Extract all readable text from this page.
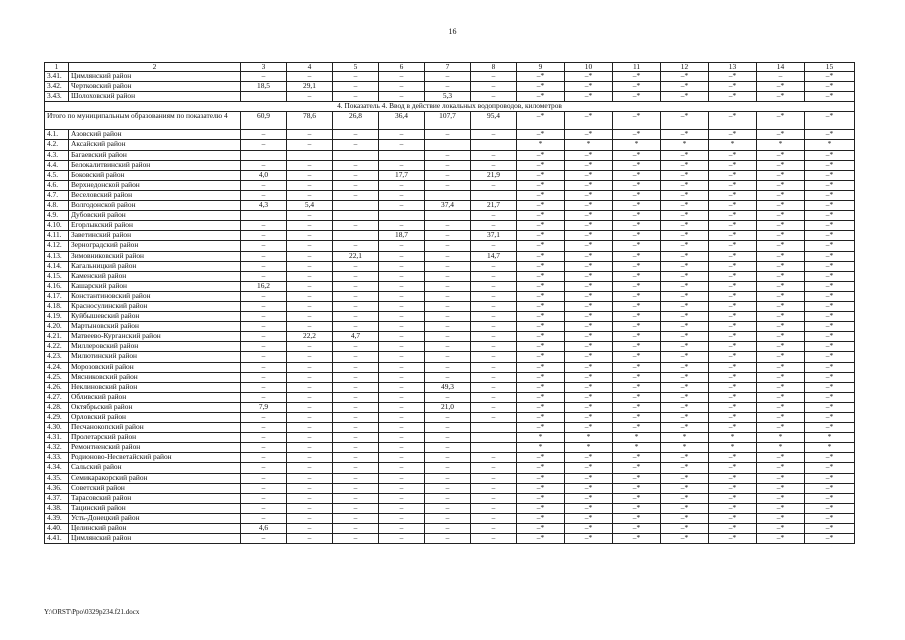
16
1	2	3	4	5	6	7	8	9	10	11	12	13	14	15
3.41.	Цимлянский район	–	–	–	–	–	–	–*	–*	–*	–*	–*	–	–*
3.42.	Чертковский район	18,5	29,1	–	–	–	–	–*	–*	–*	–*	–*	–*	–*
3.43.	Шолоховский район		–	–	–	5,3	–	–*	–*	–*	–*	–*	–*	–*
4. Показатель 4. Ввод в действие локальных водопроводов, километров														
Итого по муниципальным образованиям по показателю 4		60,9	78,6	26,8	36,4	107,7	95,4	–*	–*	–*	–*	–*	–*	–*
4.1.	Азовский район	–	–	–	–	–	–	–*	–*	–*	–*	–*	–*	–*
4.2.	Аксайский район	–	–	–	–			*	*	*	*	*	*	*
4.3.	Багаевский район					–	–	–*	–*	–*	–*	–*	–*	–*
4.4.	Белокалитвинский район	–	–	–	–	–	–	–*	–*	–*	–*	–*	–*	–*
4.5.	Боковский район	4,0	–	–	17,7	–	21,9	–*	–*	–*	–*	–*	–*	–*
4.6.	Верхнедонской район	–	–	–	–	–	–	–*	–*	–*	–*	–*	–*	–*
4.7.	Веселовский район	–	–	–	–			–*	–*	–*	–*	–*	–*	–*
4.8.	Волгодонской район	4,3	5,4		–	37,4	21,7	–*	–*	–*	–*	–*	–*	–*
4.9.	Дубовский район		–				–	–*	–*	–*	–*	–*	–*	–*
4.10.	Егорлыкский район	–	–	–	–	–	–	–*	–*	–*	–*	–*	–*	–*
4.11.	Заветинский район	–	–		18,7	–	37,1	–*	–*	–*	–*	–*	–*	–*
4.12.	Зерноградский район	–	–	–	–	–	–	–*	–*	–*	–*	–*	–*	–*
4.13.	Зимовниковский район	–	–	22,1	–	–	14,7	–*	–*	–*	–*	–*	–*	–*
4.14.	Кагальницкий район	–	–	–	–	–	–	–*	–*	–*	–*	–*	–*	–*
4.15.	Каменский район	–	–	–	–	–	–	–*	–*	–*	–*	–*	–*	–*
4.16.	Кашарский район	16,2	–	–	–	–	–	–*	–*	–*	–*	–*	–*	–*
4.17.	Константиновский район	–	–	–	–	–	–	–*	–*	–*	–*	–*	–*	–*
4.18.	Красносулинский район	–	–	–	–	–	–	–*	–*	–*	–*	–*	–*	–*
4.19.	Куйбышевский район	–	–	–	–	–	–	–*	–*	–*	–*	–*	–*	–*
4.20.	Мартыновский район	–	–	–	–	–	–	–*	–*	–*	–*	–*	–*	–*
4.21.	Матвеево-Курганский район	–	22,2	4,7	–	–	–	–*	–*	–*	–*	–*	–*	–*
4.22.	Миллеровский район	–	–	–	–	–	–	–*	–*	–*	–*	–*	–*	–*
4.23.	Милютинский район	–	–	–	–	–	–	–*	–*	–*	–*	–*	–*	–*
4.24.	Морозовский район	–	–	–	–	–	–	–*	–*	–*	–*	–*	–*	–*
4.25.	Мясниковский район	–	–	–	–	–	–	–*	–*	–*	–*	–*	–*	–*
4.26.	Неклиновский район	–	–	–	–	49,3	–	–*	–*	–*	–*	–*	–*	–*
4.27.	Обливский район	–	–	–	–	–	–	–*	–*	–*	–*	–*	–*	–*
4.28.	Октябрьский район	7,9	–	–	–	21,0	–	–*	–*	–*	–*	–*	–*	–*
4.29.	Орловский район	–	–	–	–	–	–	–*	–*	–*	–*	–*	–*	–*
4.30.	Песчанокопский район	–	–	–	–	–		–*	–*	–*	–*	–*	–*	–*
4.31.	Пролетарский район	–	–	–	–	–		*	*	*	*	*	*	*
4.32.	Ремонтненский район	–	–	–	–	–		*	*	*	*	*	*	*
4.33.	Родионово-Несветайский район	–	–	–	–	–	–	–*	–*	–*	–*	–*	–*	–*
4.34.	Сальский район	–	–	–	–	–	–	–*	–*	–*	–*	–*	–*	–*
4.35.	Семикаракорский район	–	–	–	–	–	–	–*	–*	–*	–*	–*	–*	–*
4.36.	Советский район	–	–	–	–	–	–	–*	–*	–*	–*	–*	–*	–*
4.37.	Тарасовский район	–	–	–	–	–	–	–*	–*	–*	–*	–*	–*	–*
4.38.	Тацинский район	–	–	–	–	–	–	–*	–*	–*	–*	–*	–*	–*
4.39.	Усть-Донецкий район	–	–	–	–	–	–	–*	–*	–*	–*	–*	–*	–*
4.40.	Целинский район	4,6	–	–	–	–	–	–*	–*	–*	–*	–*	–*	–*
4.41.	Цимлянский район	–	–	–	–	–	–	–*	–*	–*	–*	–*	–*	–*
Y:\ORST\Ppo\0329p234.f21.docx
